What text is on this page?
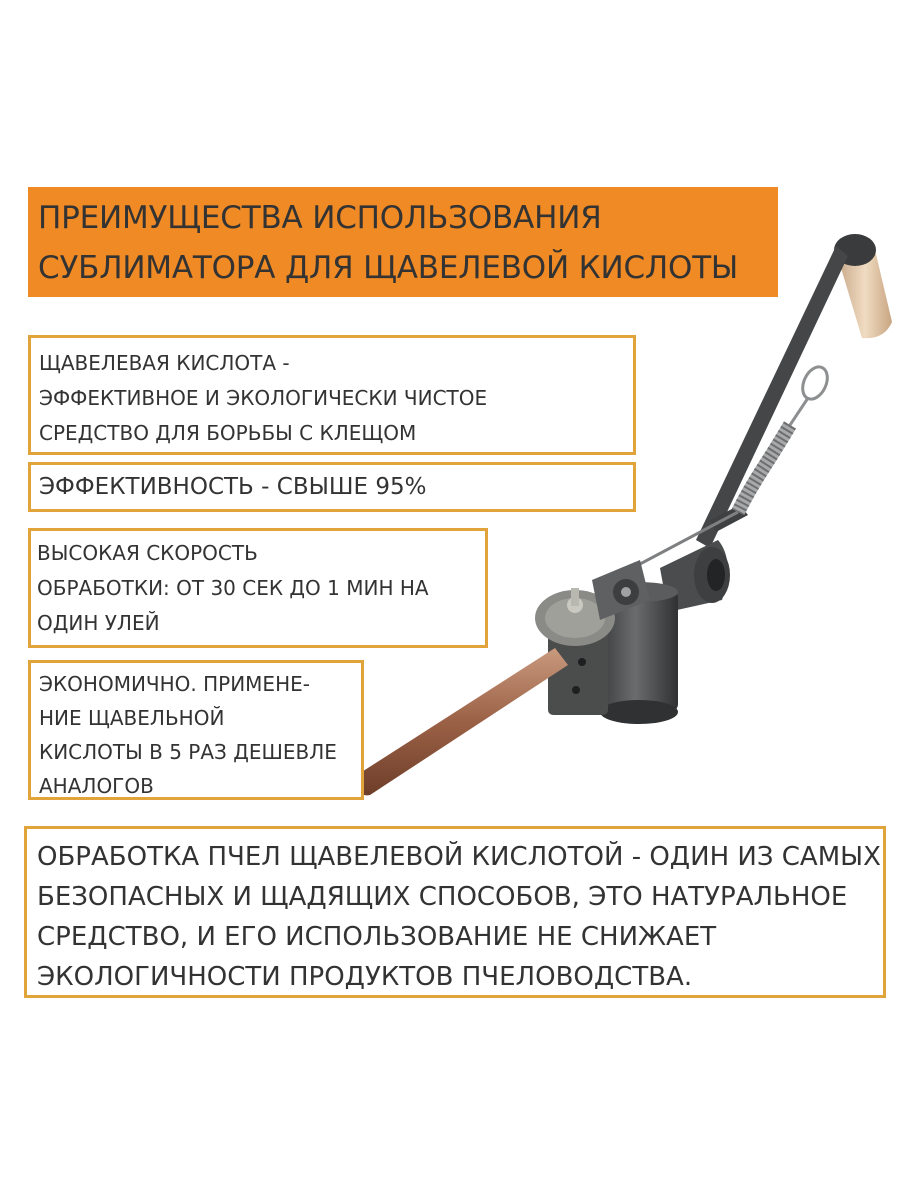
ПРЕИМУЩЕСТВА ИСПОЛЬЗОВАНИЯ
СУБЛИМАТОРА ДЛЯ ЩАВЕЛЕВОЙ КИСЛОТЫ
ЩАВЕЛЕВАЯ КИСЛОТА -
ЭФФЕКТИВНОЕ И ЭКОЛОГИЧЕСКИ ЧИСТОЕ
СРЕДСТВО ДЛЯ БОРЬБЫ С КЛЕЩОМ
ЭФФЕКТИВНОСТЬ - СВЫШЕ 95%
ВЫСОКАЯ СКОРОСТЬ
ОБРАБОТКИ: ОТ 30 СЕК ДО 1 МИН НА
ОДИН УЛЕЙ
ЭКОНОМИЧНО. ПРИМЕНЕ-
НИЕ ЩАВЕЛЬНОЙ
КИСЛОТЫ В 5 РАЗ ДЕШЕВЛЕ
АНАЛОГОВ
ОБРАБОТКА ПЧЕЛ ЩАВЕЛЕВОЙ КИСЛОТОЙ - ОДИН ИЗ САМЫХ
БЕЗОПАСНЫХ И ЩАДЯЩИХ СПОСОБОВ, ЭТО НАТУРАЛЬНОЕ
СРЕДСТВО, И ЕГО ИСПОЛЬЗОВАНИЕ НЕ СНИЖАЕТ
ЭКОЛОГИЧНОСТИ ПРОДУКТОВ ПЧЕЛОВОДСТВА.
